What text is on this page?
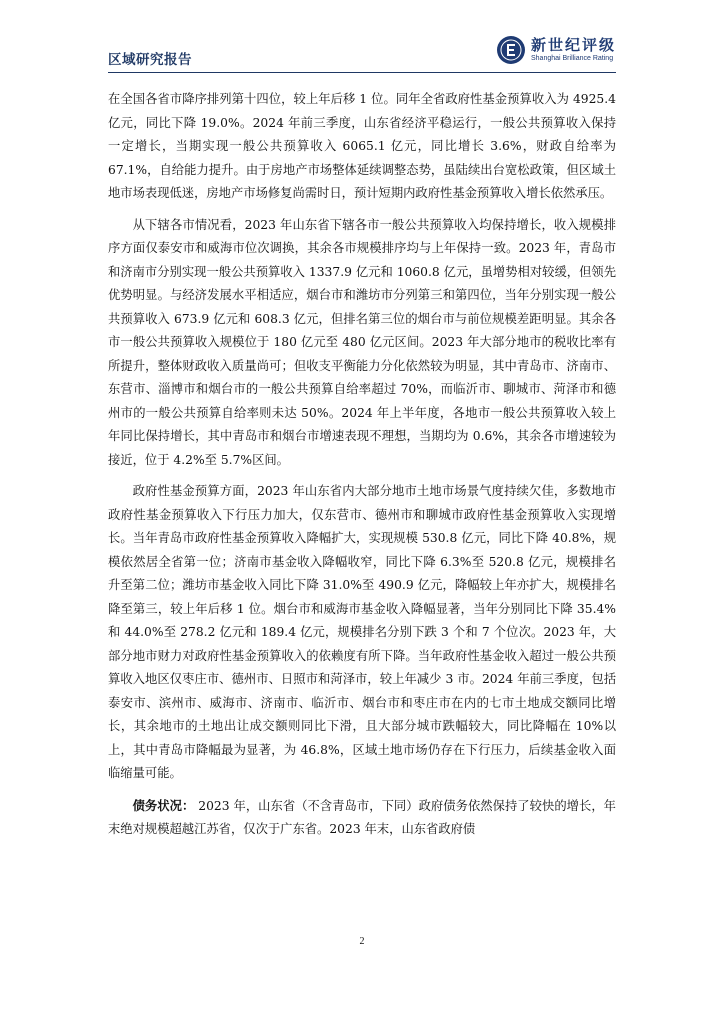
区域研究报告
新世纪评级
Shanghai Brilliance Rating

在全国各省市降序排列第十四位，较上年后移 1 位。同年全省政府性基金预算收入为 4925.4 亿元，同比下降 19.0%。2024 年前三季度，山东省经济平稳运行，一般公共预算收入保持一定增长，当期实现一般公共预算收入 6065.1 亿元，同比增长 3.6%，财政自给率为 67.1%，自给能力提升。由于房地产市场整体延续调整态势，虽陆续出台宽松政策，但区域土地市场表现低迷，房地产市场修复尚需时日，预计短期内政府性基金预算收入增长依然承压。

从下辖各市情况看，2023 年山东省下辖各市一般公共预算收入均保持增长，收入规模排序方面仅泰安市和威海市位次调换，其余各市规模排序均与上年保持一致。2023 年，青岛市和济南市分别实现一般公共预算收入 1337.9 亿元和 1060.8 亿元，虽增势相对较缓，但领先优势明显。与经济发展水平相适应，烟台市和潍坊市分列第三和第四位，当年分别实现一般公共预算收入 673.9 亿元和 608.3 亿元，但排名第三位的烟台市与前位规模差距明显。其余各市一般公共预算收入规模位于 180 亿元至 480 亿元区间。2023 年大部分地市的税收比率有所提升，整体财政收入质量尚可；但收支平衡能力分化依然较为明显，其中青岛市、济南市、东营市、淄博市和烟台市的一般公共预算自给率超过 70%，而临沂市、聊城市、菏泽市和德州市的一般公共预算自给率则未达 50%。2024 年上半年度，各地市一般公共预算收入较上年同比保持增长，其中青岛市和烟台市增速表现不理想，当期均为 0.6%，其余各市增速较为接近，位于 4.2%至 5.7%区间。

政府性基金预算方面，2023 年山东省内大部分地市土地市场景气度持续欠佳，多数地市政府性基金预算收入下行压力加大，仅东营市、德州市和聊城市政府性基金预算收入实现增长。当年青岛市政府性基金预算收入降幅扩大，实现规模 530.8 亿元，同比下降 40.8%，规模依然居全省第一位；济南市基金收入降幅收窄，同比下降 6.3%至 520.8 亿元，规模排名升至第二位；潍坊市基金收入同比下降 31.0%至 490.9 亿元，降幅较上年亦扩大，规模排名降至第三，较上年后移 1 位。烟台市和威海市基金收入降幅显著，当年分别同比下降 35.4%和 44.0%至 278.2 亿元和 189.4 亿元，规模排名分别下跌 3 个和 7 个位次。2023 年，大部分地市财力对政府性基金预算收入的依赖度有所下降。当年政府性基金收入超过一般公共预算收入地区仅枣庄市、德州市、日照市和菏泽市，较上年减少 3 市。2024 年前三季度，包括泰安市、滨州市、威海市、济南市、临沂市、烟台市和枣庄市在内的七市土地成交额同比增长，其余地市的土地出让成交额则同比下滑，且大部分城市跌幅较大，同比降幅在 10%以上，其中青岛市降幅最为显著，为 46.8%，区域土地市场仍存在下行压力，后续基金收入面临缩量可能。

债务状况： 2023 年，山东省（不含青岛市，下同）政府债务依然保持了较快的增长，年末绝对规模超越江苏省，仅次于广东省。2023 年末，山东省政府债

2
